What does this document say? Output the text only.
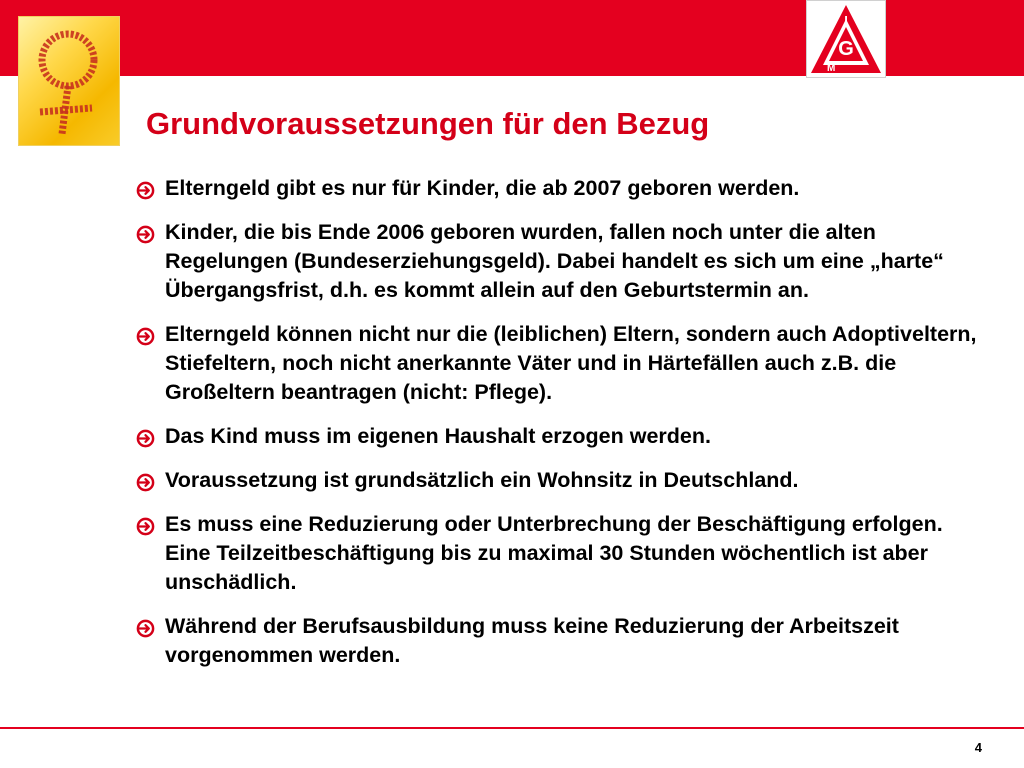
I
G
M
Grundvoraussetzungen für den Bezug
Elterngeld gibt es nur für Kinder, die ab 2007 geboren werden.
Kinder, die bis Ende 2006 geboren wurden, fallen noch unter die alten Regelungen (Bundeserziehungsgeld). Dabei handelt es sich um eine „harte“ Übergangsfrist, d.h. es kommt allein auf den Geburtstermin an.
Elterngeld können nicht nur die (leiblichen) Eltern, sondern auch Adoptiveltern, Stiefeltern, noch nicht anerkannte Väter und in Härtefällen auch z.B. die Großeltern beantragen (nicht: Pflege).
Das Kind muss im eigenen Haushalt erzogen werden.
Voraussetzung ist grundsätzlich ein Wohnsitz in Deutschland.
Es muss eine Reduzierung oder Unterbrechung der Beschäftigung erfolgen. Eine Teilzeitbeschäftigung bis zu maximal 30 Stunden wöchentlich ist aber unschädlich.
Während der Berufsausbildung muss keine Reduzierung der Arbeitszeit vorgenommen werden.
4
